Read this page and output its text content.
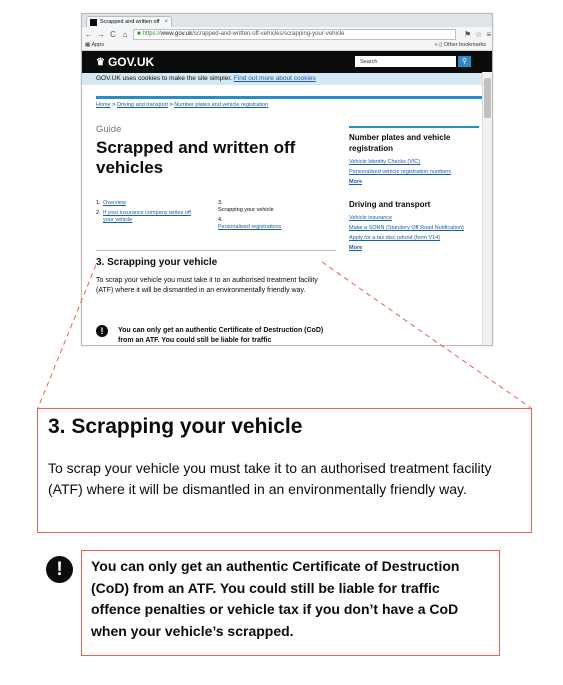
Scrapped and written off ×
← → C ⌂ ■ https://www.gov.uk/scrapped-and-written-off-vehicles/scrapping-your-vehicle	⚑ ☆ ≡
▦ Apps	» ▯ Other bookmarks
♛ GOV.UK	Search	⚲
GOV.UK uses cookies to make the site simpler. Find out more about cookies
Home > Driving and transport > Number plates and vehicle registration
Guide
Scrapped and written off vehicles
1. Overview
2. If your insurance company writes off your vehicle
3.Scrapping your vehicle
4.Personalised registrations
3. Scrapping your vehicle

To scrap your vehicle you must take it to an authorised treatment facility (ATF) where it will be dismantled in an environmentally friendly way.

!	You can only get an authentic Certificate of Destruction (CoD) from an ATF. You could still be liable for traffic
Number plates and vehicle registration
Vehicle Identity Checks (VIC)
Personalised vehicle registration numbers
More
Driving and transport
Vehicle insurance
Make a SORN (Statutory Off Road Notification)
Apply for a tax disc refund (form V14)
More
3. Scrapping your vehicle

To scrap your vehicle you must take it to an authorised treatment facility (ATF) where it will be dismantled in an environmentally friendly way.

!	You can only get an authentic Certificate of Destruction (CoD) from an ATF. You could still be liable for traffic offence penalties or vehicle tax if you don’t have a CoD when your vehicle’s scrapped.
